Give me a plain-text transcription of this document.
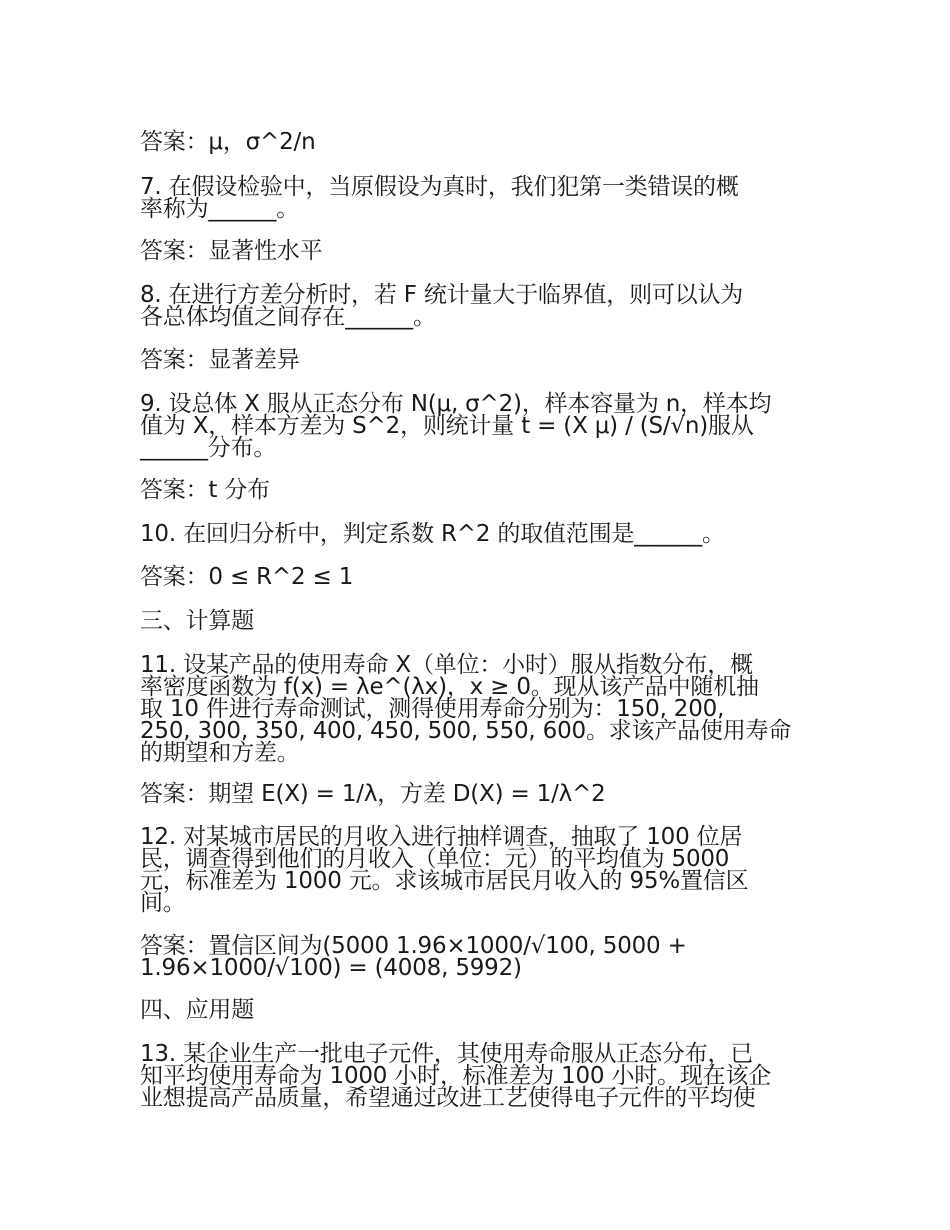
答案：μ，σ^2/n
7. 在假设检验中，当原假设为真时，我们犯第一类错误的概
率称为______。
答案：显著性水平
8. 在进行方差分析时，若 F 统计量大于临界值，则可以认为
各总体均值之间存在______。
答案：显著差异
9. 设总体 X 服从正态分布 N(μ, σ^2)，样本容量为 n，样本均
值为 X，样本方差为 S^2，则统计量 t = (X μ) / (S/√n)服从
______分布。
答案：t 分布
10. 在回归分析中，判定系数 R^2 的取值范围是______。
答案：0 ≤ R^2 ≤ 1
三、计算题
11. 设某产品的使用寿命 X（单位：小时）服从指数分布，概
率密度函数为 f(x) = λe^(λx)，x ≥ 0。现从该产品中随机抽
取 10 件进行寿命测试，测得使用寿命分别为：150, 200,
250, 300, 350, 400, 450, 500, 550, 600。求该产品使用寿命
的期望和方差。
答案：期望 E(X) = 1/λ，方差 D(X) = 1/λ^2
12. 对某城市居民的月收入进行抽样调查，抽取了 100 位居
民，调查得到他们的月收入（单位：元）的平均值为 5000
元，标准差为 1000 元。求该城市居民月收入的 95%置信区
间。
答案：置信区间为(5000 1.96×1000/√100, 5000 +
1.96×1000/√100) = (4008, 5992)
四、应用题
13. 某企业生产一批电子元件，其使用寿命服从正态分布，已
知平均使用寿命为 1000 小时，标准差为 100 小时。现在该企
业想提高产品质量，希望通过改进工艺使得电子元件的平均使
